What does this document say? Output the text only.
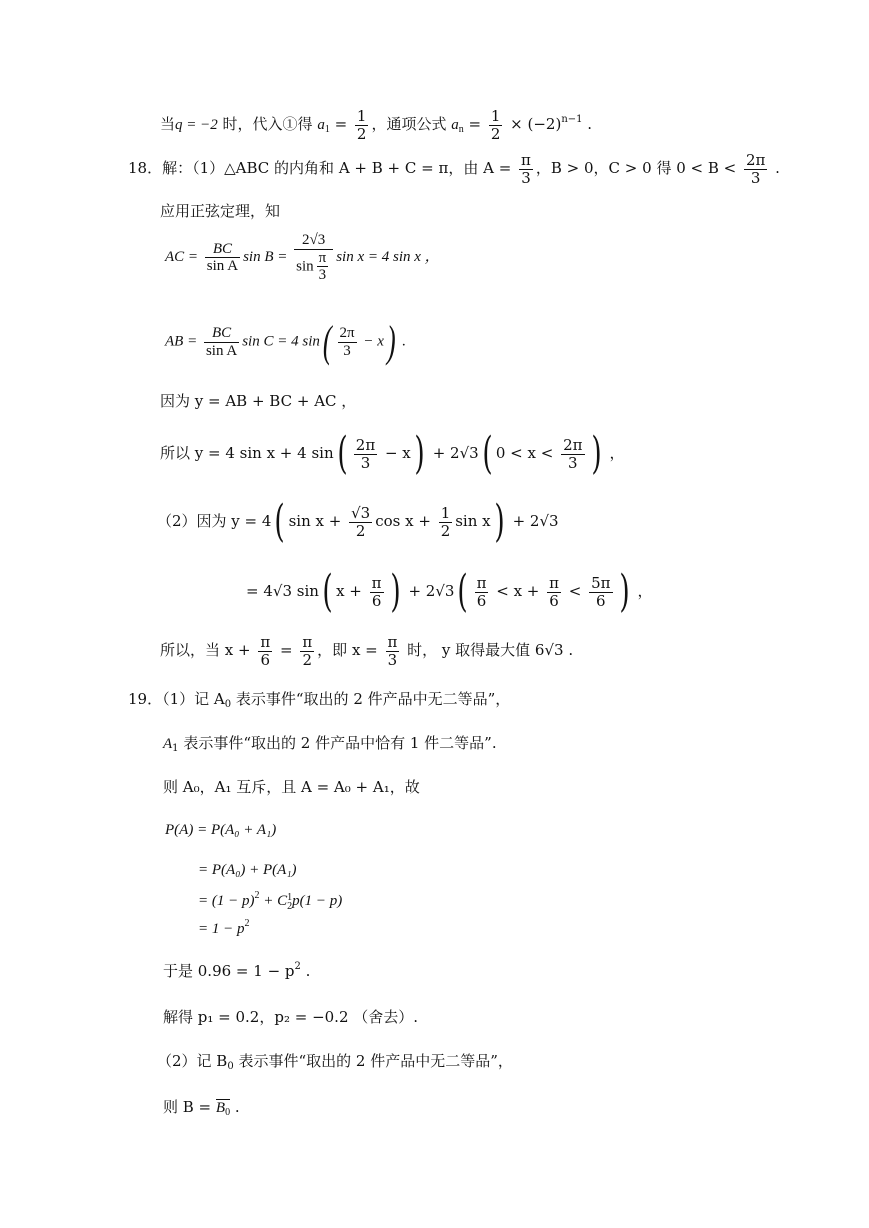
当q = −2 时，代入①得 $a_1 = \frac{1}{2}$ ，通项公式 $a_n = \frac{1}{2} \times (-2)^{n-1}$ .
18．解：（1）△ABC 的内角和 A + B + C = π，由 $A = \frac{\pi}{3}$ ，B > 0，C > 0 得 $0 < B < \frac{2\pi}{3}$ .
应用正弦定理，知
AC = $\frac{BC}{\text{sin A}}$ $\sin B = \frac{2√3}{\sin \frac{\pi}{3}}$ sin x = 4 sin x ，
AB = $\frac{BC}{\text{sin A}}$ sin C = 4 $\sin( \frac{2\pi}{3} - x)$ .
因为 y = AB + BC + AC ，
所以 y = 4 sin x + 4 $\sin( \frac{2\pi}{3} - x) + 2√3$( $0 < x < \frac{2\pi}{3}$ ) ，
（2）因为 y = 4( $\sin x + \frac{√3}{2}$ $\cos x + \frac{1}{2}$ sin x) + 2√3
= 4√3 sin( $x + \frac{\pi}{6}$ ) + $2√3( \frac{\pi}{6} < x + \frac{\pi}{6} < \frac{5\pi}{6}$ ) ，
所以，当 $x + \frac{\pi}{6} = \frac{\pi}{2}$ ，即 $x = \frac{\pi}{3}$ 时， y 取得最大值 6√3 .
19．（1）记 $A_0$ 表示事件“取出的 2 件产品中无二等品”，
$A_1$ 表示事件“取出的 2 件产品中恰有 1 件二等品”.
则 A₀，A₁ 互斥，且 A = A₀ + A₁，故
P(A) = P(A₀ + A₁)
= P(A₀) + P(A₁)
= $(1 - p)^2 + C$ 1
2 p(1 − p)
= $1 - p^2$
于是 $0.96 = 1 - p^2$ .
解得 p₁ = 0.2，p₂ = −0.2 （舍去）.
（2）记 $B_0$ 表示事件“取出的 2 件产品中无二等品”，
则 $B = B_0$ .
